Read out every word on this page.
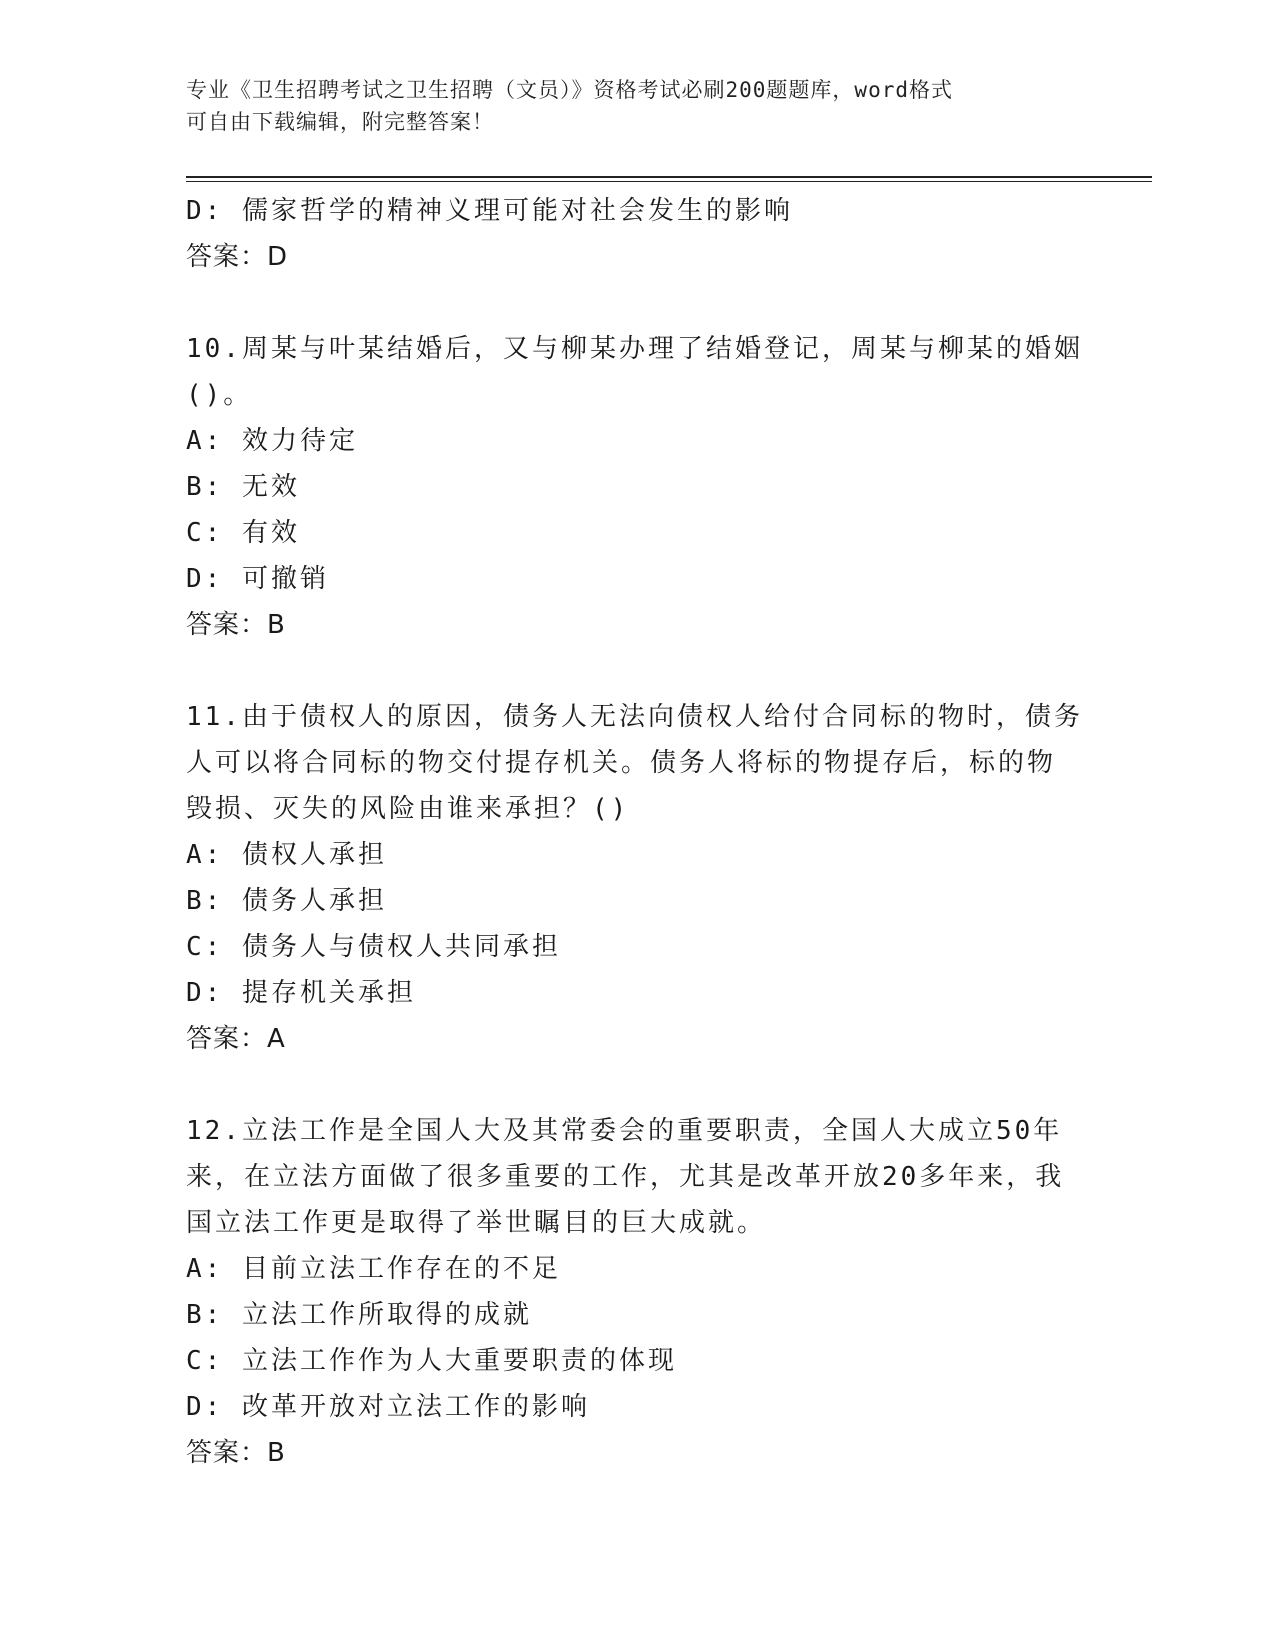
专业《卫生招聘考试之卫生招聘（文员）》资格考试必刷200题题库，word格式
可自由下载编辑，附完整答案！
D: 儒家哲学的精神义理可能对社会发生的影响
答案：D
10.周某与叶某结婚后，又与柳某办理了结婚登记，周某与柳某的婚姻
()。
A: 效力待定
B: 无效
C: 有效
D: 可撤销
答案：B
11.由于债权人的原因，债务人无法向债权人给付合同标的物时，债务
人可以将合同标的物交付提存机关。债务人将标的物提存后，标的物
毁损、灭失的风险由谁来承担？()
A: 债权人承担
B: 债务人承担
C: 债务人与债权人共同承担
D: 提存机关承担
答案：A
12.立法工作是全国人大及其常委会的重要职责，全国人大成立50年
来，在立法方面做了很多重要的工作，尤其是改革开放20多年来，我
国立法工作更是取得了举世瞩目的巨大成就。
A: 目前立法工作存在的不足
B: 立法工作所取得的成就
C: 立法工作作为人大重要职责的体现
D: 改革开放对立法工作的影响
答案：B
